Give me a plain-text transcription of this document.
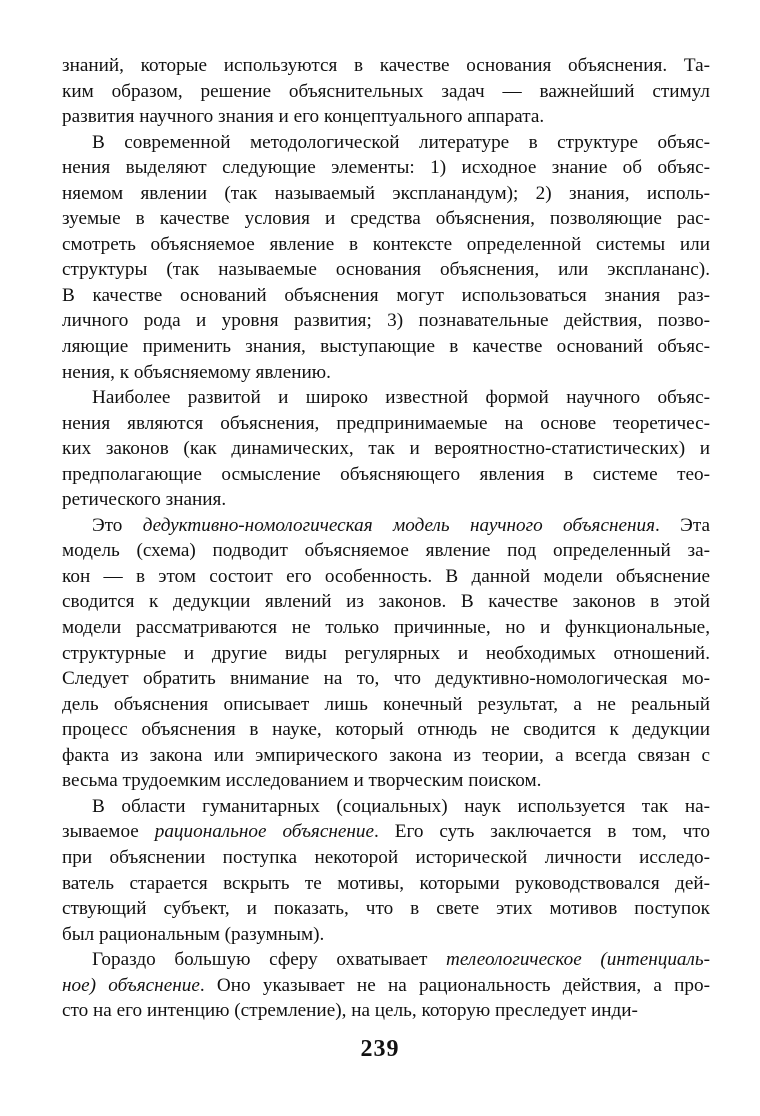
знаний, которые используются в качестве основания объяснения. Та-
ким образом, решение объяснительных задач — важнейший стимул
развития научного знания и его концептуального аппарата.
В современной методологической литературе в структуре объяс-
нения выделяют следующие элементы: 1) исходное знание об объяс-
няемом явлении (так называемый экспланандум); 2) знания, исполь-
зуемые в качестве условия и средства объяснения, позволяющие рас-
смотреть объясняемое явление в контексте определенной системы или
структуры (так называемые основания объяснения, или эксплананс).
В качестве оснований объяснения могут использоваться знания раз-
личного рода и уровня развития; 3) познавательные действия, позво-
ляющие применить знания, выступающие в качестве оснований объяс-
нения, к объясняемому явлению.
Наиболее развитой и широко известной формой научного объяс-
нения являются объяснения, предпринимаемые на основе теоретичес-
ких законов (как динамических, так и вероятностно-статистических) и
предполагающие осмысление объясняющего явления в системе тео-
ретического знания.
Это дедуктивно-номологическая модель научного объяснения. Эта
модель (схема) подводит объясняемое явление под определенный за-
кон — в этом состоит его особенность. В данной модели объяснение
сводится к дедукции явлений из законов. В качестве законов в этой
модели рассматриваются не только причинные, но и функциональные,
структурные и другие виды регулярных и необходимых отношений.
Следует обратить внимание на то, что дедуктивно-номологическая мо-
дель объяснения описывает лишь конечный результат, а не реальный
процесс объяснения в науке, который отнюдь не сводится к дедукции
факта из закона или эмпирического закона из теории, а всегда связан с
весьма трудоемким исследованием и творческим поиском.
В области гуманитарных (социальных) наук используется так на-
зываемое рациональное объяснение. Его суть заключается в том, что
при объяснении поступка некоторой исторической личности исследо-
ватель старается вскрыть те мотивы, которыми руководствовался дей-
ствующий субъект, и показать, что в свете этих мотивов поступок
был рациональным (разумным).
Гораздо большую сферу охватывает телеологическое (интенциаль-
ное) объяснение. Оно указывает не на рациональность действия, а про-
сто на его интенцию (стремление), на цель, которую преследует инди-
239
